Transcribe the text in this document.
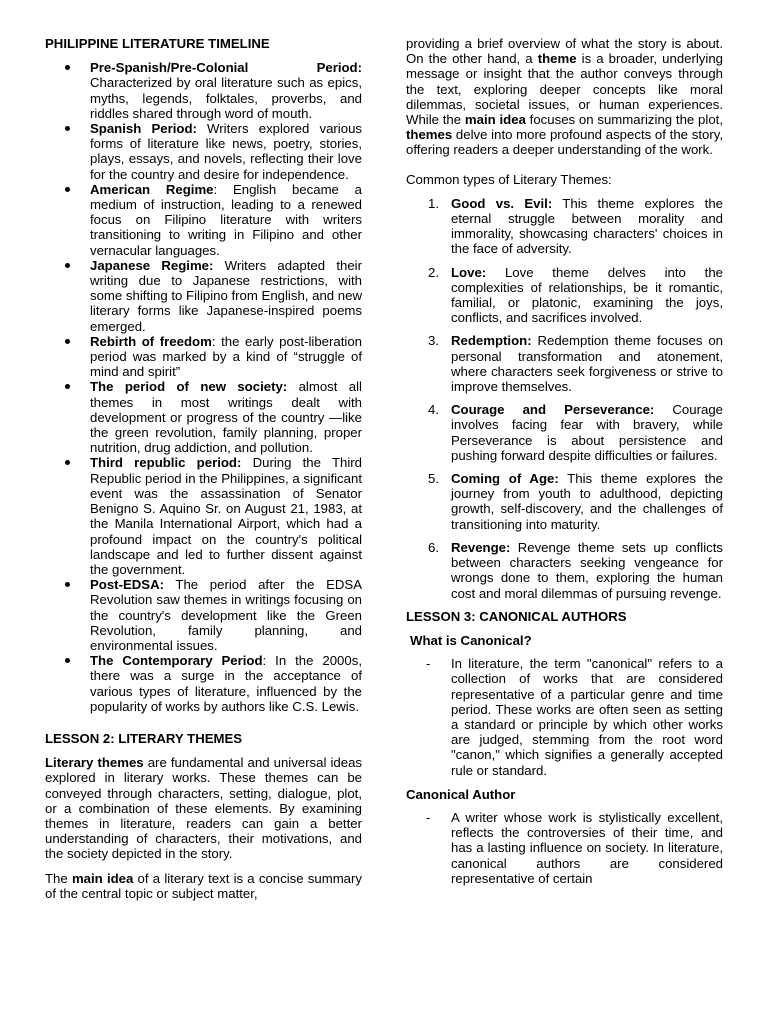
PHILIPPINE LITERATURE TIMELINE

Pre-Spanish/Pre-Colonial Period: Characterized by oral literature such as epics, myths, legends, folktales, proverbs, and riddles shared through word of mouth.
Spanish Period: Writers explored various forms of literature like news, poetry, stories, plays, essays, and novels, reflecting their love for the country and desire for independence.
American Regime: English became a medium of instruction, leading to a renewed focus on Filipino literature with writers transitioning to writing in Filipino and other vernacular languages.
Japanese Regime: Writers adapted their writing due to Japanese restrictions, with some shifting to Filipino from English, and new literary forms like Japanese-inspired poems emerged.
Rebirth of freedom: the early post-liberation period was marked by a kind of “struggle of mind and spirit”
The period of new society: almost all themes in most writings dealt with development or progress of the country —like the green revolution, family planning, proper nutrition, drug addiction, and pollution.
Third republic period: During the Third Republic period in the Philippines, a significant event was the assassination of Senator Benigno S. Aquino Sr. on August 21, 1983, at the Manila International Airport, which had a profound impact on the country's political landscape and led to further dissent against the government.
Post-EDSA: The period after the EDSA Revolution saw themes in writings focusing on the country's development like the Green Revolution, family planning, and environmental issues.
The Contemporary Period: In the 2000s, there was a surge in the acceptance of various types of literature, influenced by the popularity of works by authors like C.S. Lewis.

LESSON 2: LITERARY THEMES

Literary themes are fundamental and universal ideas explored in literary works. These themes can be conveyed through characters, setting, dialogue, plot, or a combination of these elements. By examining themes in literature, readers can gain a better understanding of characters, their motivations, and the society depicted in the story.

The main idea of a literary text is a concise summary of the central topic or subject matter,

providing a brief overview of what the story is about. On the other hand, a theme is a broader, underlying message or insight that the author conveys through the text, exploring deeper concepts like moral dilemmas, societal issues, or human experiences. While the main idea focuses on summarizing the plot, themes delve into more profound aspects of the story, offering readers a deeper understanding of the work.

Common types of Literary Themes:

1. Good vs. Evil: This theme explores the eternal struggle between morality and immorality, showcasing characters' choices in the face of adversity.
2. Love: Love theme delves into the complexities of relationships, be it romantic, familial, or platonic, examining the joys, conflicts, and sacrifices involved.
3. Redemption: Redemption theme focuses on personal transformation and atonement, where characters seek forgiveness or strive to improve themselves.
4. Courage and Perseverance: Courage involves facing fear with bravery, while Perseverance is about persistence and pushing forward despite difficulties or failures.
5. Coming of Age: This theme explores the journey from youth to adulthood, depicting growth, self-discovery, and the challenges of transitioning into maturity.
6. Revenge: Revenge theme sets up conflicts between characters seeking vengeance for wrongs done to them, exploring the human cost and moral dilemmas of pursuing revenge.

LESSON 3: CANONICAL AUTHORS

What is Canonical?

- In literature, the term "canonical" refers to a collection of works that are considered representative of a particular genre and time period. These works are often seen as setting a standard or principle by which other works are judged, stemming from the root word "canon," which signifies a generally accepted rule or standard.

Canonical Author

- A writer whose work is stylistically excellent, reflects the controversies of their time, and has a lasting influence on society. In literature, canonical authors are considered representative of certain
